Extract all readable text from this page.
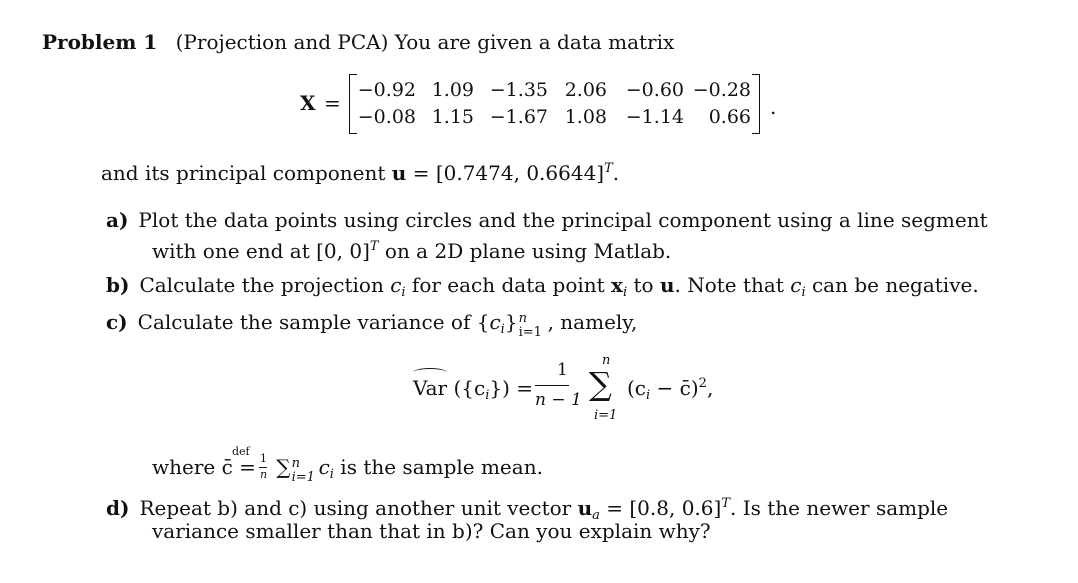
Problem 1 (Projection and PCA) You are given a data matrix
X =
−0.92 1.09 −1.35 2.06 −0.60 −0.28
−0.08 1.15 −1.67 1.08 −1.14	0.66 .
and its principal component u = [0.7474, 0.6644]$^T$.
a) Plot the data points using circles and the principal component using a line segment
with one end at [0, 0]$^T$ on a 2D plane using Matlab.
b) Calculate the projection $c_i$ for each data point $x_i$ to u. Note that $c_i$ can be negative.
c) Calculate the sample variance of $\{c_i\}$ n
i=1 , namely,
Var $(\{c_i\})$ =
1
n − 1
n
∑
i=1
($c_i$ − c̄)$^2$,
def
1
n
where c̄ = ∑ n
i=1 $c_i$ is the sample mean.
d) Repeat b) and c) using another unit vector $u_a = [0.8$, 0.6]$^T$. Is the newer sample
variance smaller than that in b)? Can you explain why?
